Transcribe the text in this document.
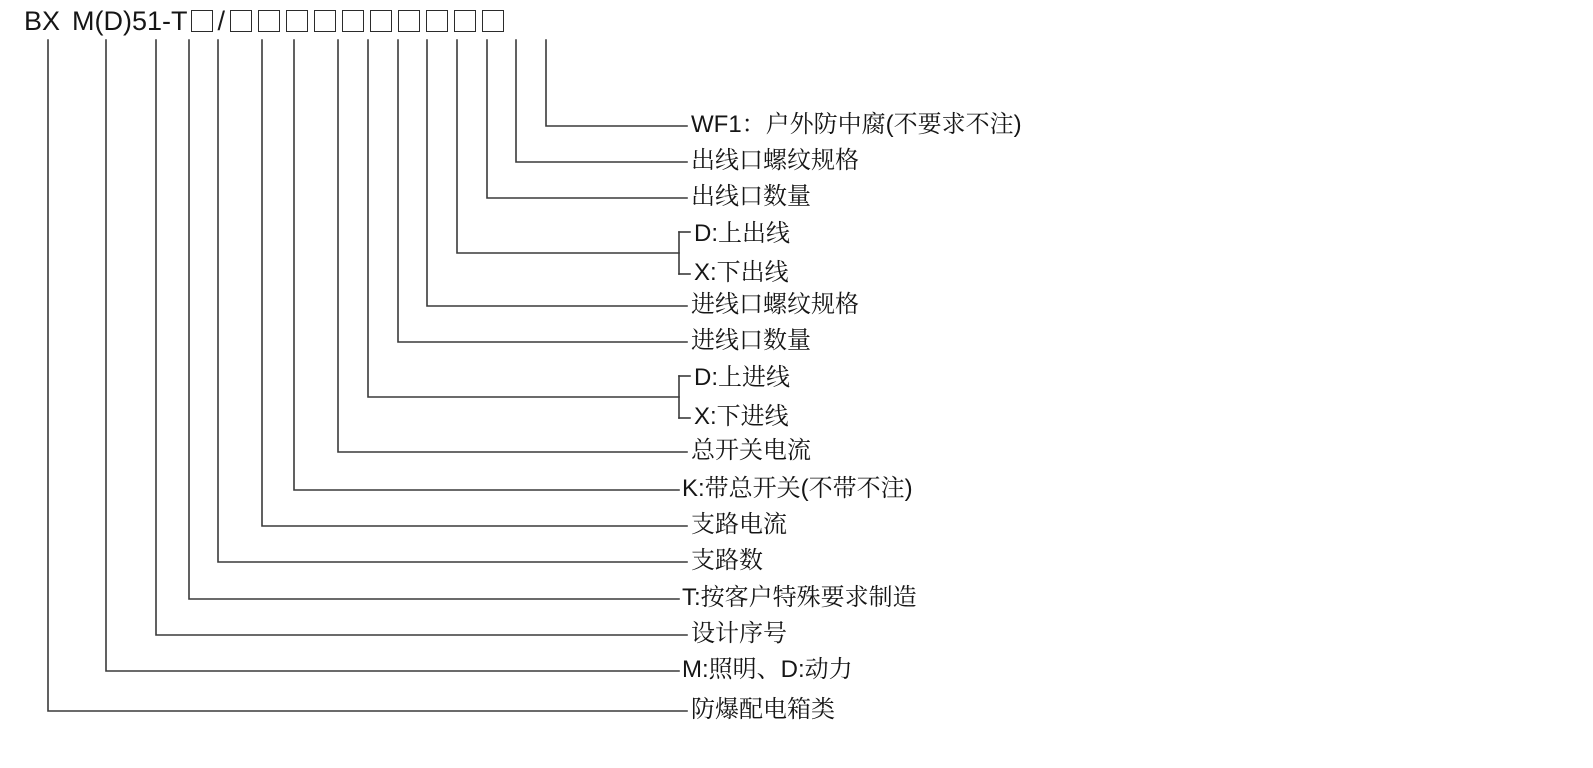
BX M(D)51-T /
WF1：户外防中腐(不要求不注)
出线口螺纹规格
出线口数量
D:上出线
X:下出线
进线口螺纹规格
进线口数量
D:上进线
X:下进线
总开关电流
K:带总开关(不带不注)
支路电流
支路数
T:按客户特殊要求制造
设计序号
M:照明、D:动力
防爆配电箱类
